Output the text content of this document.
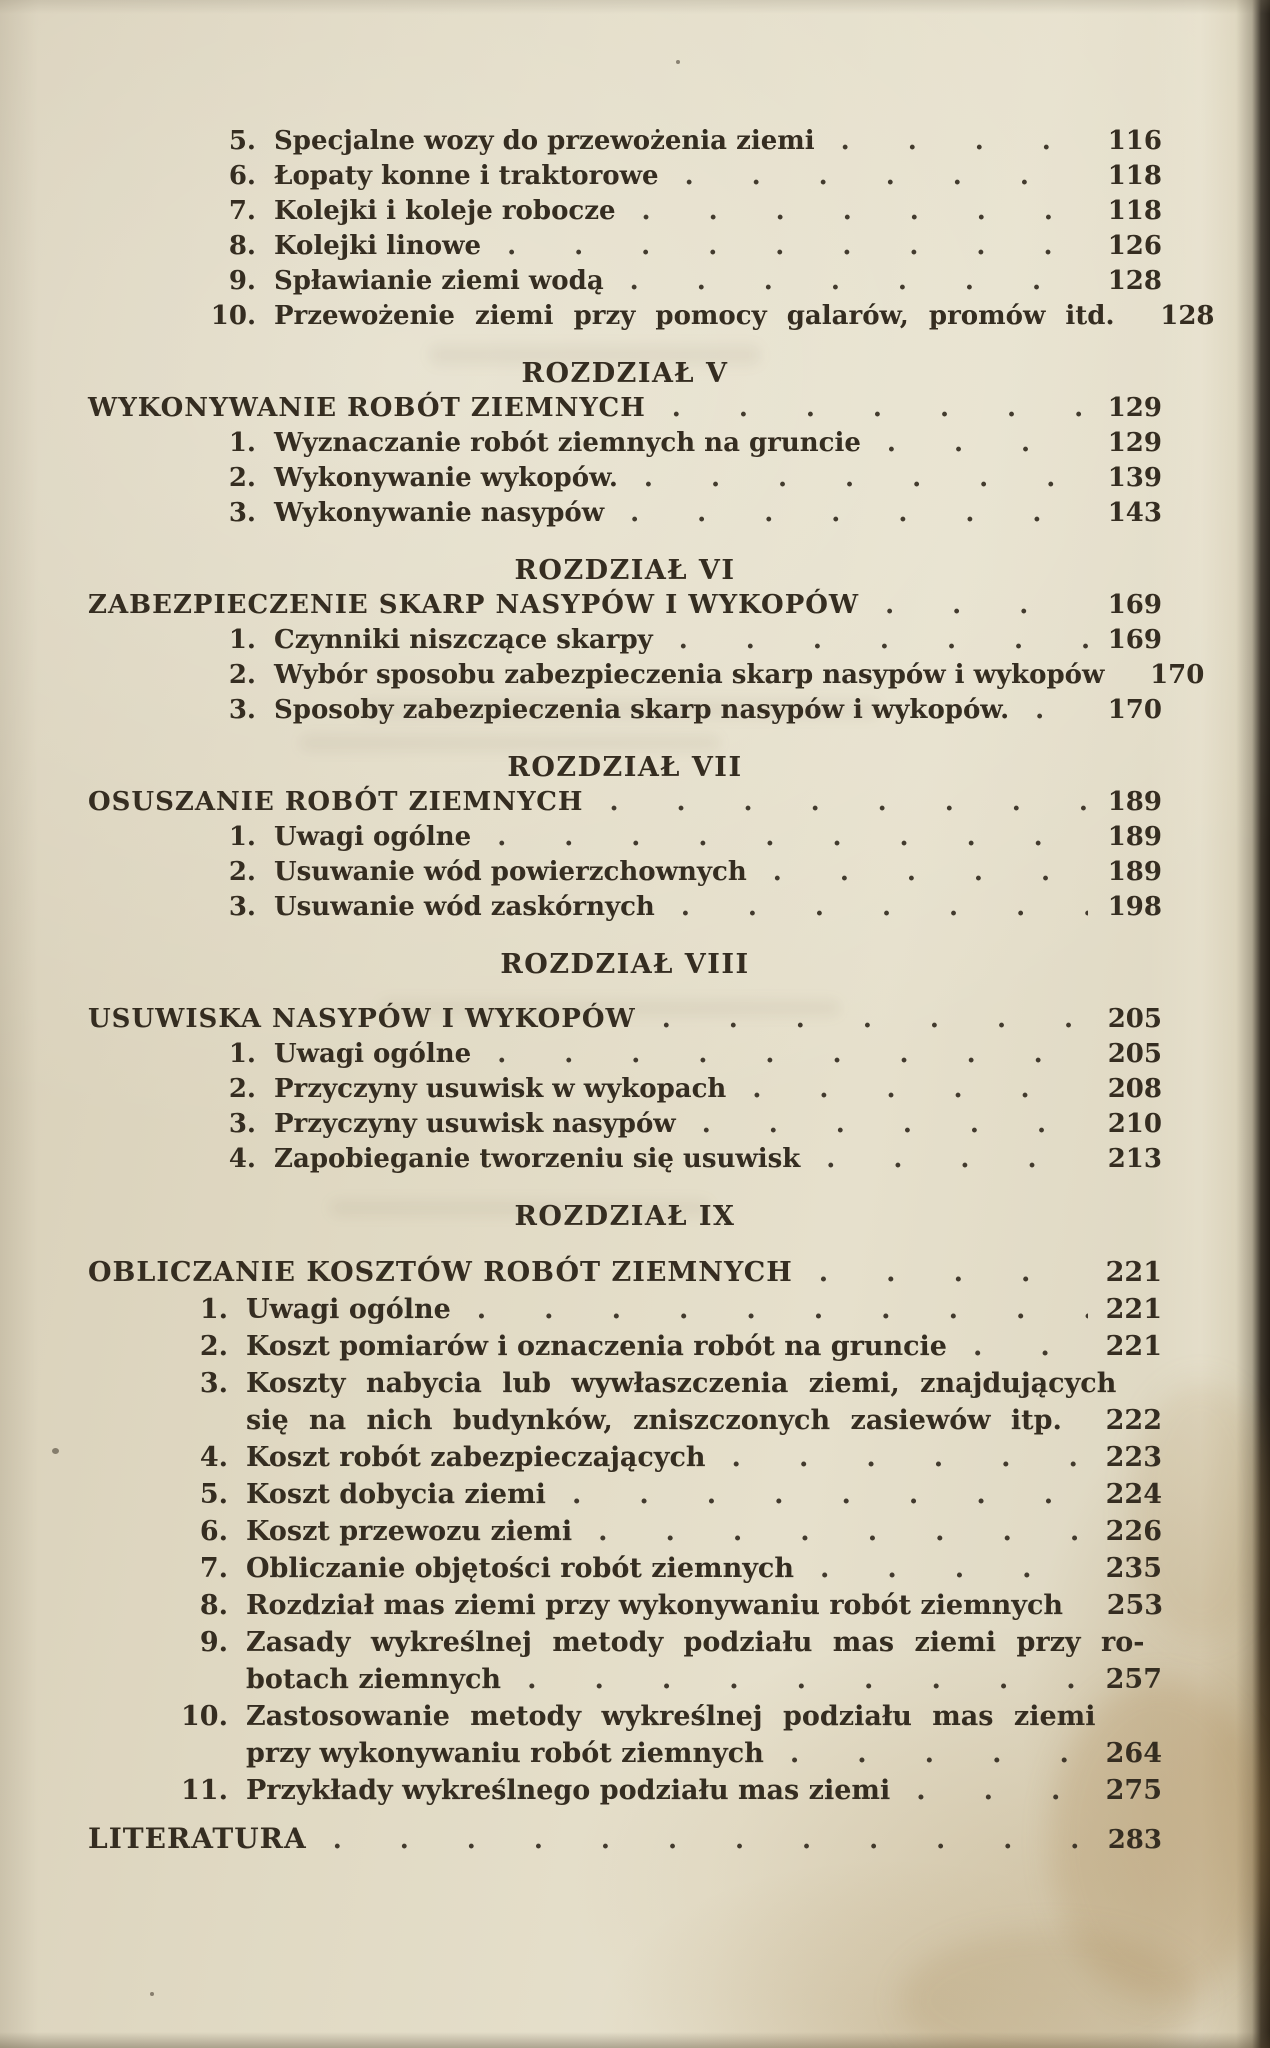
5. Specjalne wozy do przewożenia ziemi .....	116
6. Łopaty konne i traktorowe .....	118
7. Kolejki i koleje robocze .....	118
8. Kolejki linowe .....	126
9. Spławianie ziemi wodą .....	128
10. Przewożenie ziemi przy pomocy galarów, promów itd. .....	128
ROZDZIAŁ V
WYKONYWANIE ROBÓT ZIEMNYCH .....	129
1. Wyznaczanie robót ziemnych na gruncie .....	129
2. Wykonywanie wykopów. .....	139
3. Wykonywanie nasypów .....	143
ROZDZIAŁ VI
ZABEZPIECZENIE SKARP NASYPÓW I WYKOPÓW .....	169
1. Czynniki niszczące skarpy .....	169
2. Wybór sposobu zabezpieczenia skarp nasypów i wykopów .....	170
3. Sposoby zabezpieczenia skarp nasypów i wykopów. .....	170
ROZDZIAŁ VII
OSUSZANIE ROBÓT ZIEMNYCH .....	189
1. Uwagi ogólne .....	189
2. Usuwanie wód powierzchownych .....	189
3. Usuwanie wód zaskórnych .....	198
ROZDZIAŁ VIII
USUWISKA NASYPÓW I WYKOPÓW .....	205
1. Uwagi ogólne .....	205
2. Przyczyny usuwisk w wykopach .....	208
3. Przyczyny usuwisk nasypów .....	210
4. Zapobieganie tworzeniu się usuwisk .....	213
ROZDZIAŁ IX
OBLICZANIE KOSZTÓW ROBÓT ZIEMNYCH .....	221
1. Uwagi ogólne .....	221
2. Koszt pomiarów i oznaczenia robót na gruncie .....	221
3. Koszty nabycia lub wywłaszczenia ziemi, znajdujących
się na nich budynków, zniszczonych zasiewów itp. ..... 222
4. Koszt robót zabezpieczających .....	223
5. Koszt dobycia ziemi .....	224
6. Koszt przewozu ziemi .....	226
7. Obliczanie objętości robót ziemnych .....	235
8. Rozdział mas ziemi przy wykonywaniu robót ziemnych ..... 253
9. Zasady wykreślnej metody podziału mas ziemi przy ro-
botach ziemnych .....	257
10. Zastosowanie metody wykreślnej podziału mas ziemi
przy wykonywaniu robót ziemnych .....	264
11. Przykłady wykreślnego podziału mas ziemi .....	275
LITERATURA .....	283
